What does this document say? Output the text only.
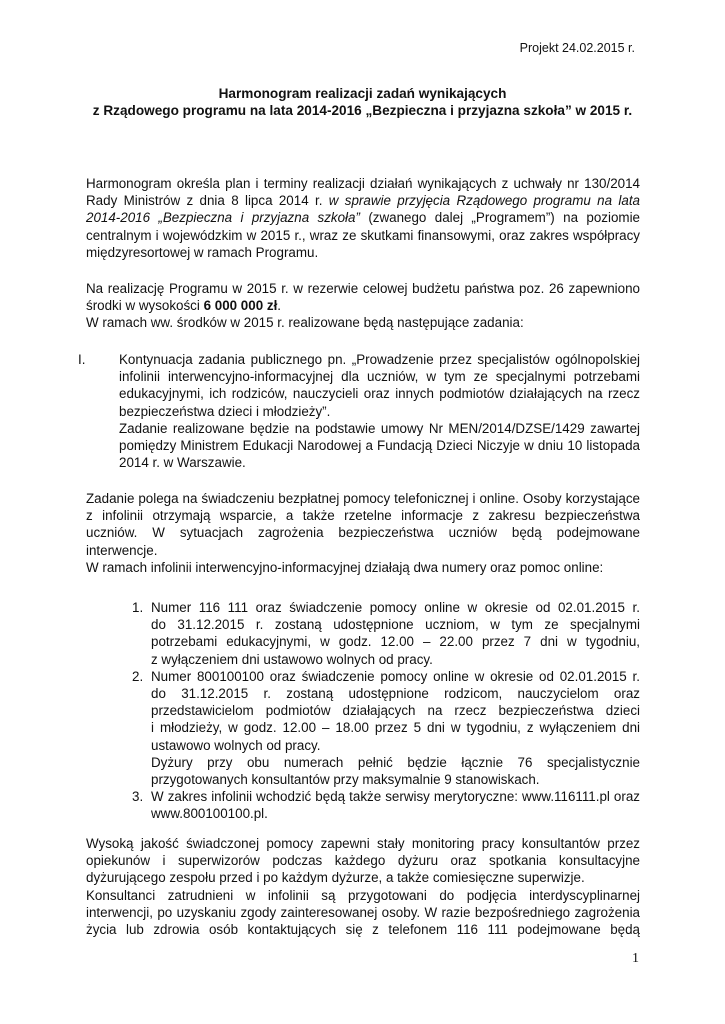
Projekt 24.02.2015 r.
Harmonogram realizacji zadań wynikających
z Rządowego programu na lata 2014-2016 „Bezpieczna i przyjazna szkoła” w 2015 r.
Harmonogram określa plan i terminy realizacji działań wynikających z uchwały nr 130/2014
Rady Ministrów z dnia 8 lipca 2014 r. w sprawie przyjęcia Rządowego programu na lata
2014-2016 „Bezpieczna i przyjazna szkoła” (zwanego dalej „Programem”) na poziomie
centralnym i wojewódzkim w 2015 r., wraz ze skutkami finansowymi, oraz zakres współpracy
międzyresortowej w ramach Programu.
Na realizację Programu w 2015 r. w rezerwie celowej budżetu państwa poz. 26 zapewniono
środki w wysokości 6 000 000 zł.
W ramach ww. środków w 2015 r. realizowane będą następujące zadania:
I.	Kontynuacja zadania publicznego pn. „Prowadzenie przez specjalistów ogólnopolskiej
infolinii interwencyjno-informacyjnej dla uczniów, w tym ze specjalnymi potrzebami
edukacyjnymi, ich rodziców, nauczycieli oraz innych podmiotów działających na rzecz
bezpieczeństwa dzieci i młodzieży”.
Zadanie realizowane będzie na podstawie umowy Nr MEN/2014/DZSE/1429 zawartej
pomiędzy Ministrem Edukacji Narodowej a Fundacją Dzieci Niczyje w dniu 10 listopada
2014 r. w Warszawie.
Zadanie polega na świadczeniu bezpłatnej pomocy telefonicznej i online. Osoby korzystające
z infolinii otrzymają wsparcie, a także rzetelne informacje z zakresu bezpieczeństwa
uczniów. W sytuacjach zagrożenia bezpieczeństwa uczniów będą podejmowane
interwencje.
W ramach infolinii interwencyjno-informacyjnej działają dwa numery oraz pomoc online:
1. Numer 116 111 oraz świadczenie pomocy online w okresie od 02.01.2015 r.
do 31.12.2015 r. zostaną udostępnione uczniom, w tym ze specjalnymi
potrzebami edukacyjnymi, w godz. 12.00 – 22.00 przez 7 dni w tygodniu,
z wyłączeniem dni ustawowo wolnych od pracy.
2. Numer 800100100 oraz świadczenie pomocy online w okresie od 02.01.2015 r.
do 31.12.2015 r. zostaną udostępnione rodzicom, nauczycielom oraz
przedstawicielom podmiotów działających na rzecz bezpieczeństwa dzieci
i młodzieży, w godz. 12.00 – 18.00 przez 5 dni w tygodniu, z wyłączeniem dni
ustawowo wolnych od pracy.
Dyżury przy obu numerach pełnić będzie łącznie 76 specjalistycznie
przygotowanych konsultantów przy maksymalnie 9 stanowiskach.
3. W zakres infolinii wchodzić będą także serwisy merytoryczne: www.116111.pl oraz
www.800100100.pl.
Wysoką jakość świadczonej pomocy zapewni stały monitoring pracy konsultantów przez
opiekunów i superwizorów podczas każdego dyżuru oraz spotkania konsultacyjne
dyżurującego zespołu przed i po każdym dyżurze, a także comiesięczne superwizje.
Konsultanci zatrudnieni w infolinii są przygotowani do podjęcia interdyscyplinarnej
interwencji, po uzyskaniu zgody zainteresowanej osoby. W razie bezpośredniego zagrożenia
życia lub zdrowia osób kontaktujących się z telefonem 116 111 podejmowane będą
1
